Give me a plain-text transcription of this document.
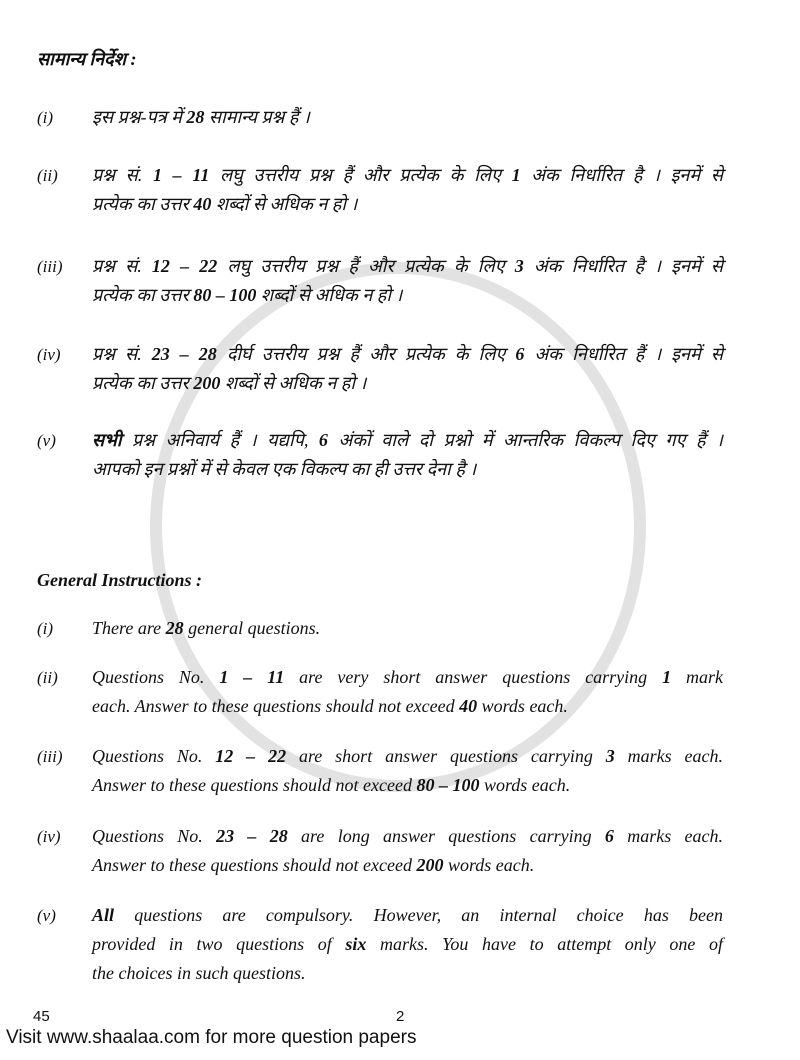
सामान्य निर्देश :
(i) इस प्रश्न-पत्र में 28 सामान्य प्रश्न हैं ।
(ii) प्रश्न सं. 1 – 11 लघु उत्तरीय प्रश्न हैं और प्रत्येक के लिए 1 अंक निर्धारित है । इनमें से
प्रत्येक का उत्तर 40 शब्दों से अधिक न हो ।
(iii) प्रश्न सं. 12 – 22 लघु उत्तरीय प्रश्न हैं और प्रत्येक के लिए 3 अंक निर्धारित है । इनमें से
प्रत्येक का उत्तर 80 – 100 शब्दों से अधिक न हो ।
(iv) प्रश्न सं. 23 – 28 दीर्घ उत्तरीय प्रश्न हैं और प्रत्येक के लिए 6 अंक निर्धारित हैं । इनमें से
प्रत्येक का उत्तर 200 शब्दों से अधिक न हो ।
(v) सभी प्रश्न अनिवार्य हैं । यद्यपि, 6 अंकों वाले दो प्रश्नो में आन्तरिक विकल्प दिए गए हैं ।
आपको इन प्रश्नों में से केवल एक विकल्प का ही उत्तर देना है ।
General Instructions :
(i) There are 28 general questions.
(ii) Questions No. 1 – 11 are very short answer questions carrying 1 mark
each. Answer to these questions should not exceed 40 words each.
(iii) Questions No. 12 – 22 are short answer questions carrying 3 marks each.
Answer to these questions should not exceed 80 – 100 words each.
(iv) Questions No. 23 – 28 are long answer questions carrying 6 marks each.
Answer to these questions should not exceed 200 words each.
(v) All questions are compulsory. However, an internal choice has been
provided in two questions of six marks. You have to attempt only one of
the choices in such questions.
45	2
Visit www.shaalaa.com for more question papers
